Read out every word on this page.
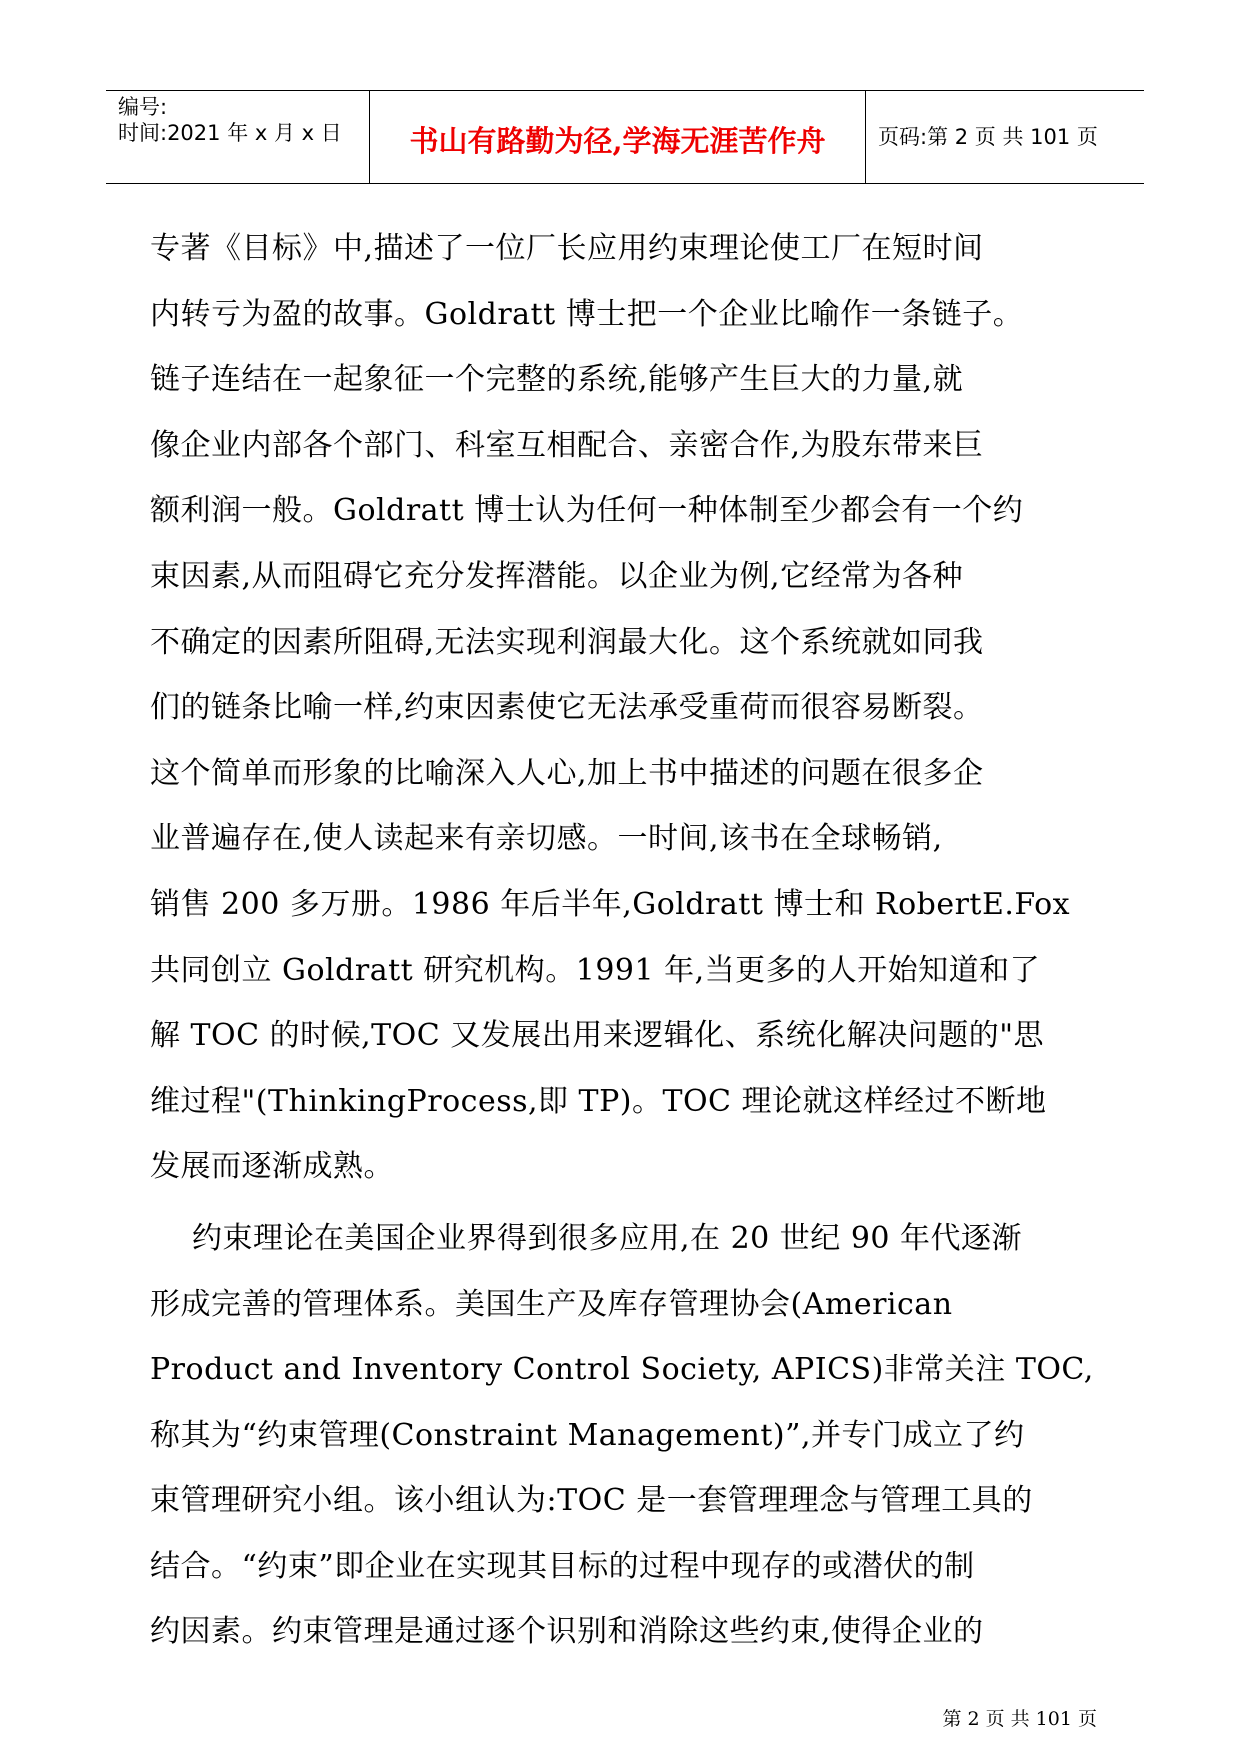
编号:
时间:2021 年 x 月 x 日	书山有路勤为径,学海无涯苦作舟	页码:第 2 页 共 101 页
专著《目标》中,描述了一位厂长应用约束理论使工厂在短时间
内转亏为盈的故事。Goldratt 博士把一个企业比喻作一条链子。
链子连结在一起象征一个完整的系统,能够产生巨大的力量,就
像企业内部各个部门、科室互相配合、亲密合作,为股东带来巨
额利润一般。Goldratt 博士认为任何一种体制至少都会有一个约
束因素,从而阻碍它充分发挥潜能。以企业为例,它经常为各种
不确定的因素所阻碍,无法实现利润最大化。这个系统就如同我
们的链条比喻一样,约束因素使它无法承受重荷而很容易断裂。
这个简单而形象的比喻深入人心,加上书中描述的问题在很多企
业普遍存在,使人读起来有亲切感。一时间,该书在全球畅销,
销售 200 多万册。1986 年后半年,Goldratt 博士和 RobertE.Fox
共同创立 Goldratt 研究机构。1991 年,当更多的人开始知道和了
解 TOC 的时候,TOC 又发展出用来逻辑化、系统化解决问题的"思
维过程"(ThinkingProcess,即 TP)。TOC 理论就这样经过不断地
发展而逐渐成熟。
约束理论在美国企业界得到很多应用,在 20 世纪 90 年代逐渐
形成完善的管理体系。美国生产及库存管理协会(American
Product and Inventory Control Society, APICS)非常关注 TOC,
称其为“约束管理(Constraint Management)”,并专门成立了约
束管理研究小组。该小组认为:TOC 是一套管理理念与管理工具的
结合。“约束”即企业在实现其目标的过程中现存的或潜伏的制
约因素。约束管理是通过逐个识别和消除这些约束,使得企业的
第 2 页 共 101 页
